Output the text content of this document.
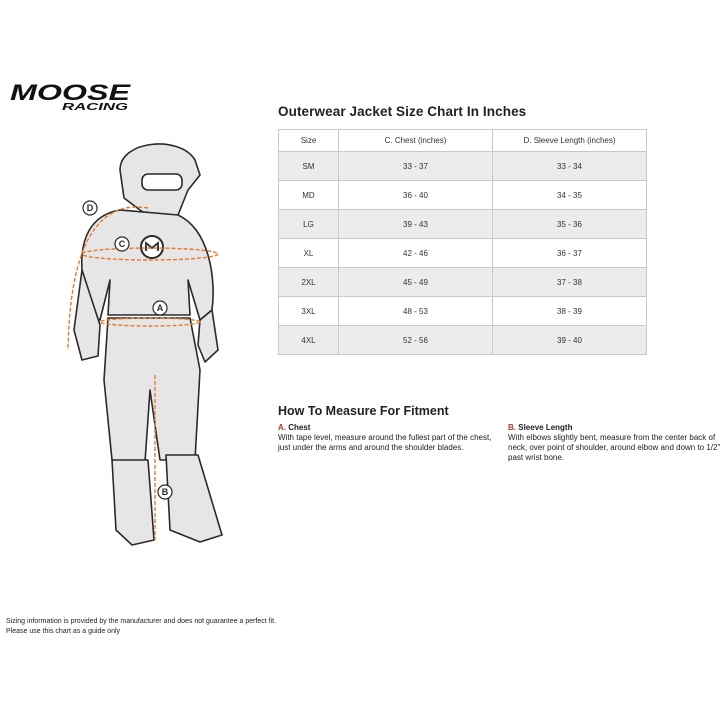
MOOSE
RACING
D
C
A
B
Outerwear Jacket Size Chart In Inches
Size	C. Chest (inches)	D. Sleeve Length (inches)
SM	33 - 37	33 - 34
MD	36 - 40	34 - 35
LG	39 - 43	35 - 36
XL	42 - 46	36 - 37
2XL	45 - 49	37 - 38
3XL	48 - 53	38 - 39
4XL	52 - 56	39 - 40
How To Measure For Fitment
A. Chest
With tape level, measure around the fullest part of the chest, just under the arms and around the shoulder blades.
B. Sleeve Length
With elbows slightly bent, measure from the center back of neck, over point of shoulder, around elbow and down to 1/2" past wrist bone.
Sizing information is provided by the manufacturer and does not guarantee a perfect fit.
Please use this chart as a guide only
